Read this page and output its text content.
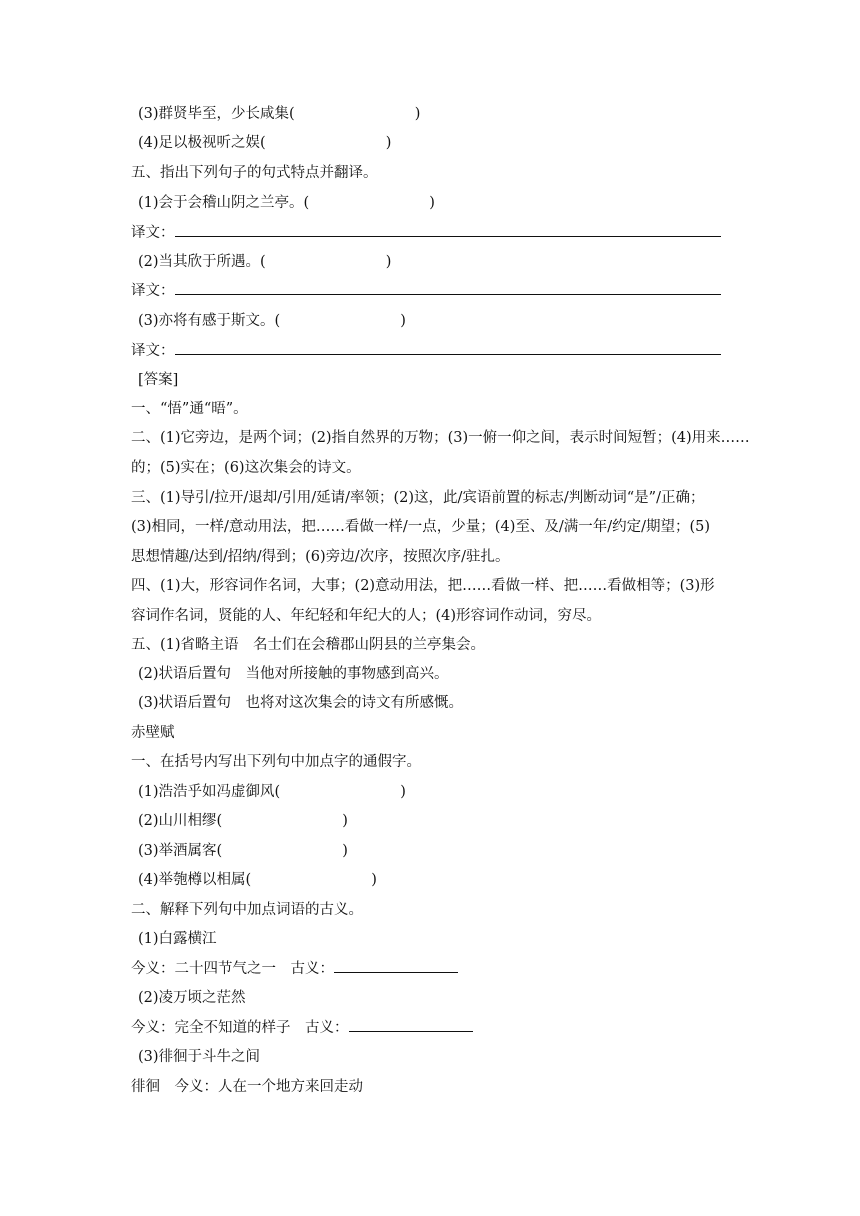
(3)群贤毕至，少长咸集(	)
(4)足以极视听之娱(	)
五、指出下列句子的句式特点并翻译。
(1)会于会稽山阴之兰亭。(	)
译文：
(2)当其欣于所遇。(	)
译文：
(3)亦将有感于斯文。(	)
译文：
[答案]
一、“悟”通“晤”。
二、(1)它旁边，是两个词；(2)指自然界的万物；(3)一俯一仰之间，表示时间短暂；(4)用来……
的；(5)实在；(6)这次集会的诗文。
三、(1)导引/拉开/退却/引用/延请/率领；(2)这，此/宾语前置的标志/判断动词“是”/正确；
(3)相同，一样/意动用法，把……看做一样/一点，少量；(4)至、及/满一年/约定/期望；(5)
思想情趣/达到/招纳/得到；(6)旁边/次序，按照次序/驻扎。
四、(1)大，形容词作名词，大事；(2)意动用法，把……看做一样、把……看做相等；(3)形
容词作名词，贤能的人、年纪轻和年纪大的人；(4)形容词作动词，穷尽。
五、(1)省略主语　名士们在会稽郡山阴县的兰亭集会。
(2)状语后置句　当他对所接触的事物感到高兴。
(3)状语后置句　也将对这次集会的诗文有所感慨。
赤壁赋
一、在括号内写出下列句中加点字的通假字。
(1)浩浩乎如冯虚御风(	)
(2)山川相缪(	)
(3)举酒属客(	)
(4)举匏樽以相属(	)
二、解释下列句中加点词语的古义。
(1)白露横江
今义：二十四节气之一　古义：
(2)凌万顷之茫然
今义：完全不知道的样子　古义：
(3)徘徊于斗牛之间
徘徊　今义：人在一个地方来回走动
